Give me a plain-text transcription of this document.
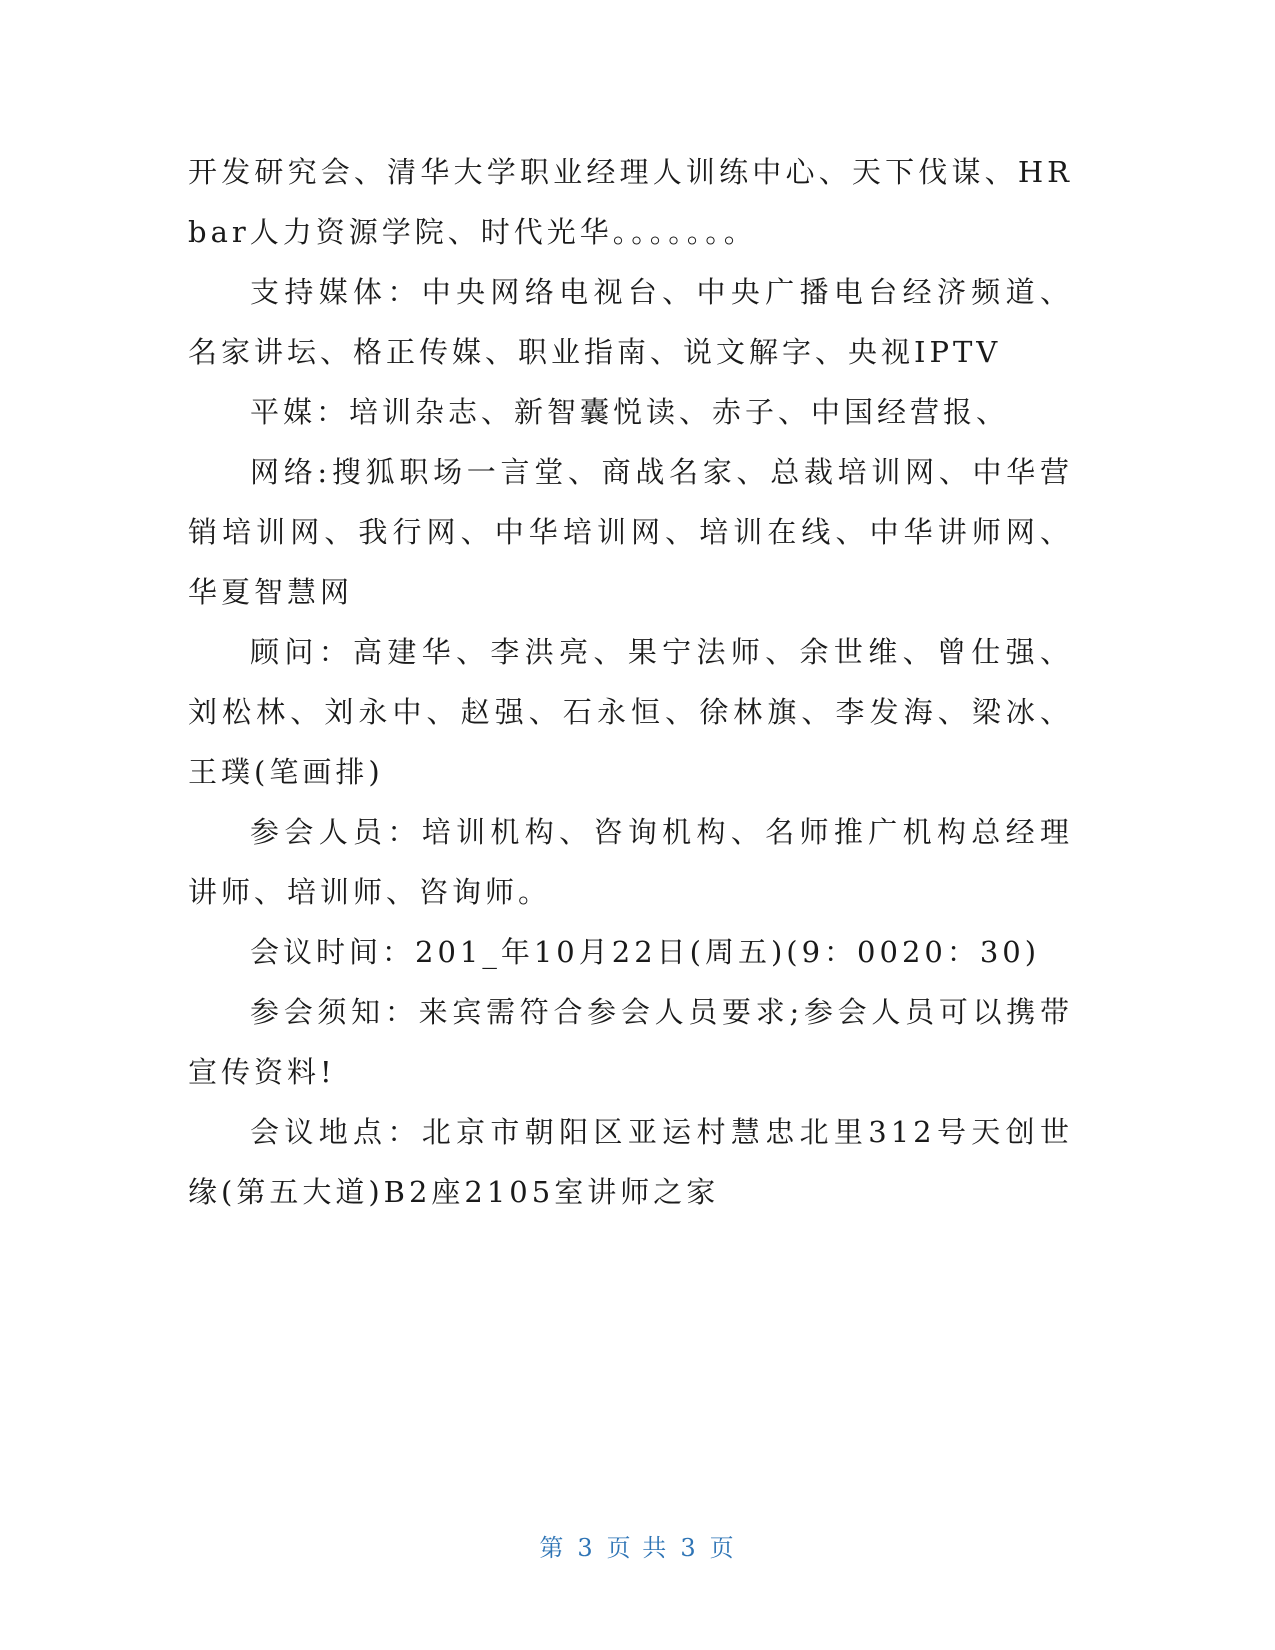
开发研究会、清华大学职业经理人训练中心、天下伐谋、HRbar人力资源学院、时代光华。。。。。。。

支持媒体：中央网络电视台、中央广播电台经济频道、名家讲坛、格正传媒、职业指南、说文解字、央视IPTV

平媒：培训杂志、新智囊悦读、赤子、中国经营报、

网络:搜狐职场一言堂、商战名家、总裁培训网、中华营销培训网、我行网、中华培训网、培训在线、中华讲师网、华夏智慧网

顾问：高建华、李洪亮、果宁法师、余世维、曾仕强、刘松林、刘永中、赵强、石永恒、徐林旗、李发海、梁冰、王璞(笔画排)

参会人员：培训机构、咨询机构、名师推广机构总经理讲师、培训师、咨询师。

会议时间：201_年10月22日(周五)(9：0020：30)

参会须知：来宾需符合参会人员要求;参会人员可以携带宣传资料!

会议地点：北京市朝阳区亚运村慧忠北里312号天创世缘(第五大道)B2座2105室讲师之家

第 3 页 共 3 页
